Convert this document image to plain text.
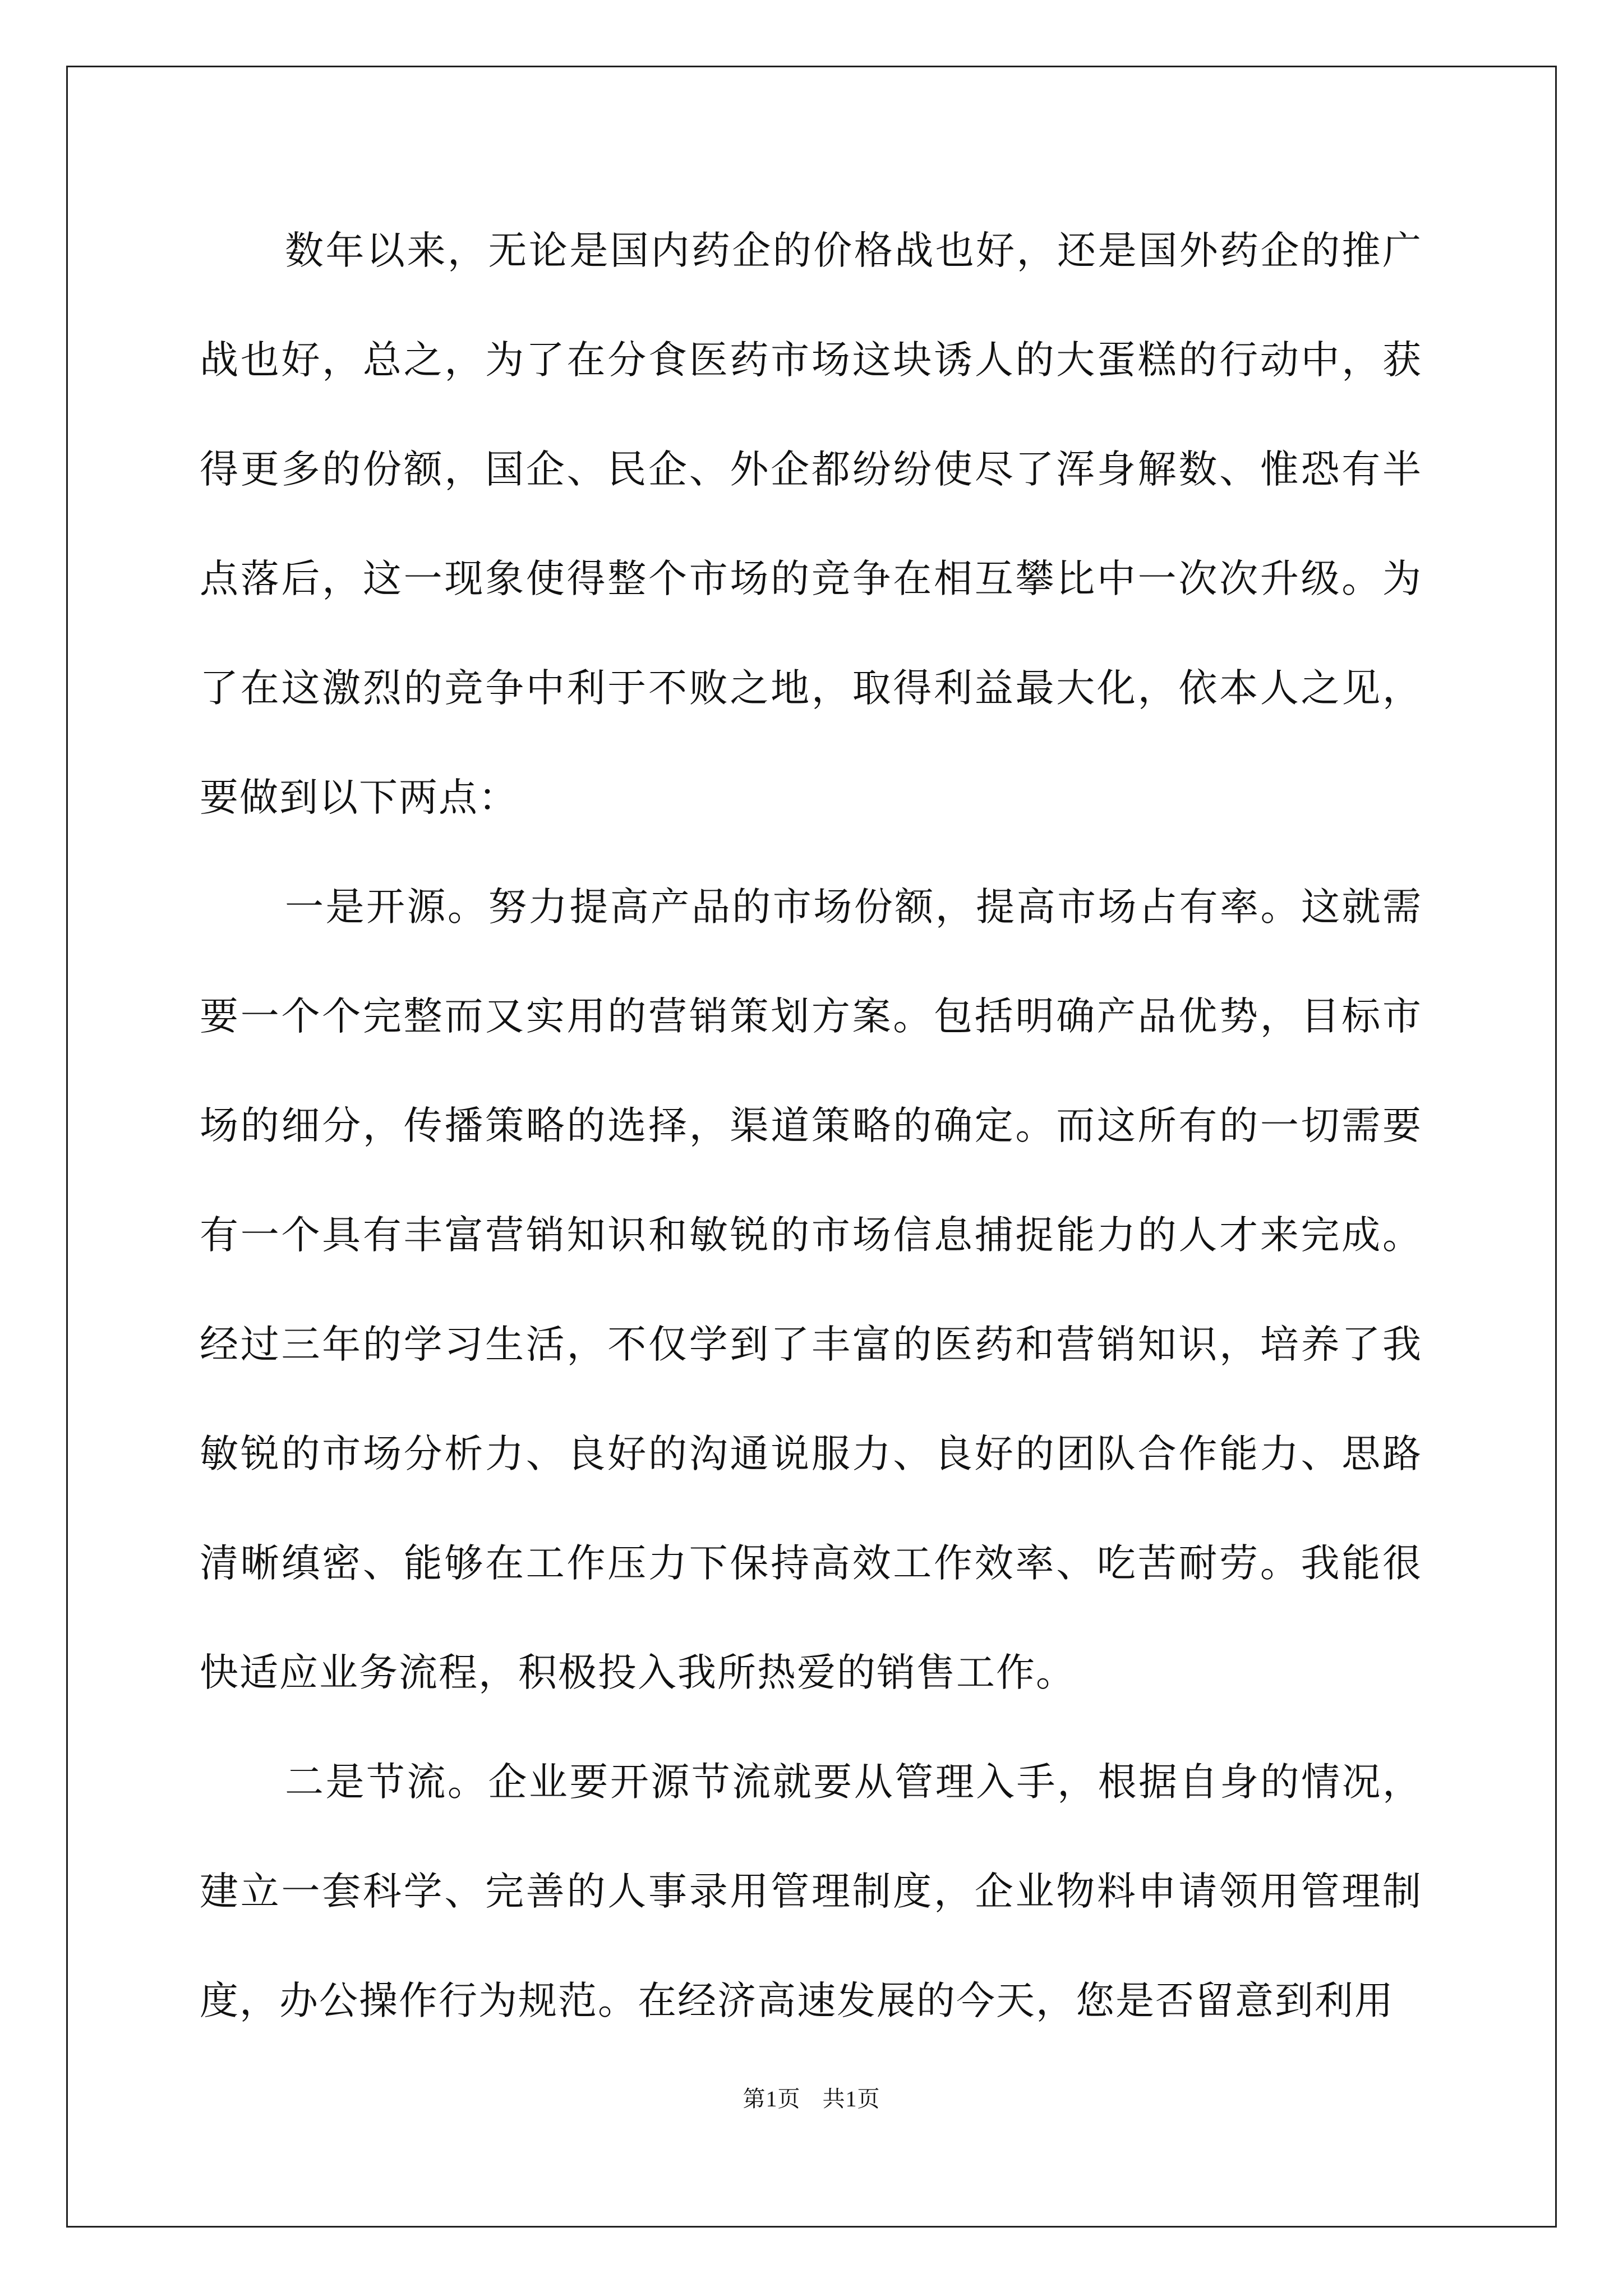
数年以来，无论是国内药企的价格战也好，还是国外药企的推广战也好，总之，为了在分食医药市场这块诱人的大蛋糕的行动中，获得更多的份额，国企、民企、外企都纷纷使尽了浑身解数、惟恐有半点落后，这一现象使得整个市场的竞争在相互攀比中一次次升级。为了在这激烈的竞争中利于不败之地，取得利益最大化，依本人之见，要做到以下两点：

一是开源。努力提高产品的市场份额，提高市场占有率。这就需要一个个完整而又实用的营销策划方案。包括明确产品优势，目标市场的细分，传播策略的选择，渠道策略的确定。而这所有的一切需要有一个具有丰富营销知识和敏锐的市场信息捕捉能力的人才来完成。经过三年的学习生活，不仅学到了丰富的医药和营销知识，培养了我敏锐的市场分析力、良好的沟通说服力、良好的团队合作能力、思路清晰缜密、能够在工作压力下保持高效工作效率、吃苦耐劳。我能很快适应业务流程，积极投入我所热爱的销售工作。

二是节流。企业要开源节流就要从管理入手，根据自身的情况，建立一套科学、完善的人事录用管理制度，企业物料申请领用管理制度，办公操作行为规范。在经济高速发展的今天，您是否留意到利用

第1页 共1页
